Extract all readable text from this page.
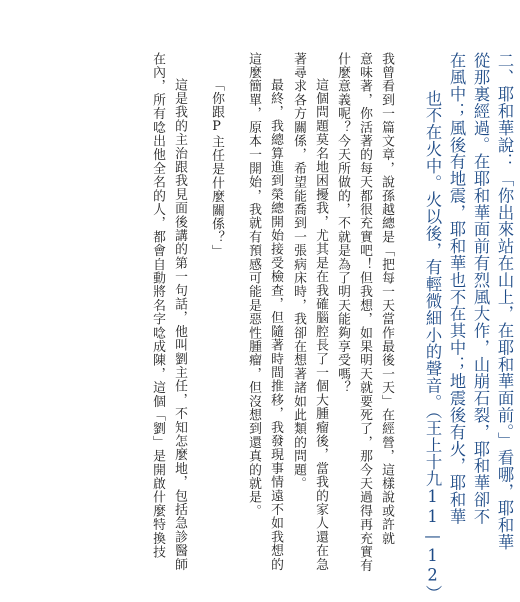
二、耶和華說：「你出來站在山上，在耶和華面前。」看哪，耶和華
從那裏經過。在耶和華面前有烈風大作，山崩石裂，耶和華卻不
在風中；風後有地震，耶和華也不在其中；地震後有火，耶和華
也不在火中。火以後，有輕微細小的聲音。（王上十九11—12）
我曾看到一篇文章，說孫越總是「把每一天當作最後一天」在經營，這樣說或許就
意味著，你活著的每天都很充實吧！但我想，如果明天就要死了，那今天過得再充實有
什麼意義呢？今天所做的，不就是為了明天能夠享受嗎？
這個問題莫名地困擾我，尤其是在我確腦腔長了一個大腫瘤後，當我的家人還在急
著尋求各方關係，希望能喬到一張病床時，我卻在想著諸如此類的問題。
最終，我總算進到榮總開始接受檢查，但隨著時間推移，我發現事情遠不如我想的
這麼簡單，原本一開始，我就有預感可能是惡性腫瘤，但沒想到還真的就是。
「你跟P主任是什麼關係？」
這是我的主治跟我見面後講的第一句話，他叫劉主任，不知怎麼地，包括急診醫師
在內，所有唸出他全名的人，都會自動將名字唸成陳，這個「劉」是開啟什麼特換技
